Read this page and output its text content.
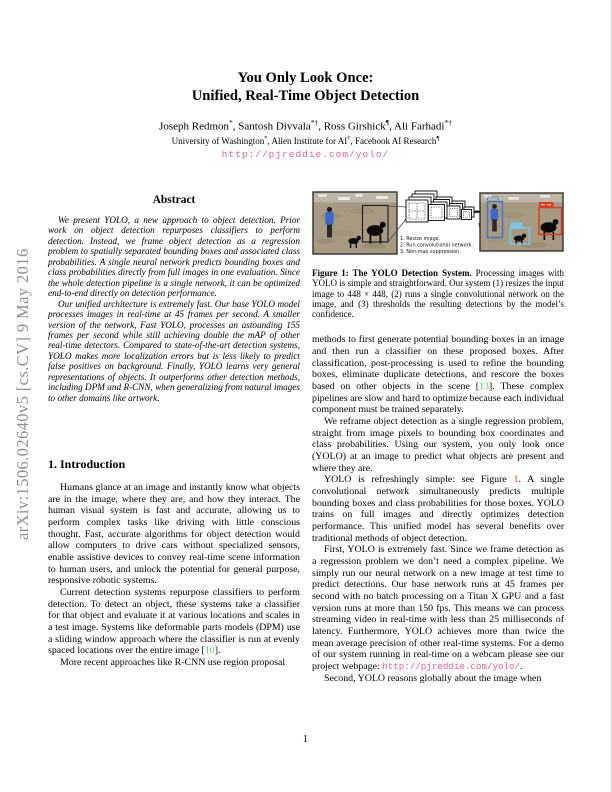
arXiv:1506.02640v5 [cs.CV] 9 May 2016
You Only Look Once:
Unified, Real-Time Object Detection
Joseph Redmon*, Santosh Divvala*†, Ross Girshick¶, Ali Farhadi*†
University of Washington*, Allen Institute for AI†, Facebook AI Research¶
http://pjreddie.com/yolo/
Abstract

We present YOLO, a new approach to object detection. Prior work on object detection repurposes classifiers to perform detection. Instead, we frame object detection as a regression problem to spatially separated bounding boxes and associated class probabilities. A single neural network predicts bounding boxes and class probabilities directly from full images in one evaluation. Since the whole detection pipeline is a single network, it can be optimized end-to-end directly on detection performance.

Our unified architecture is extremely fast. Our base YOLO model processes images in real-time at 45 frames per second. A smaller version of the network, Fast YOLO, processes an astounding 155 frames per second while still achieving double the mAP of other real-time detectors. Compared to state-of-the-art detection systems, YOLO makes more localization errors but is less likely to predict false positives on background. Finally, YOLO learns very general representations of objects. It outperforms other detection methods, including DPM and R-CNN, when generalizing from natural images to other domains like artwork.

1. Introduction

Humans glance at an image and instantly know what objects are in the image, where they are, and how they interact. The human visual system is fast and accurate, allowing us to perform complex tasks like driving with little conscious thought. Fast, accurate algorithms for object detection would allow computers to drive cars without specialized sensors, enable assistive devices to convey real-time scene information to human users, and unlock the potential for general purpose, responsive robotic systems.

Current detection systems repurpose classifiers to perform detection. To detect an object, these systems take a classifier for that object and evaluate it at various locations and scales in a test image. Systems like deformable parts models (DPM) use a sliding window approach where the classifier is run at evenly spaced locations over the entire image [10].

More recent approaches like R-CNN use region proposal

1. Resize image.
2. Run convolutional network.
3. Non-max suppression.
Figure 1: The YOLO Detection System. Processing images with YOLO is simple and straightforward. Our system (1) resizes the input image to 448 × 448, (2) runs a single convolutional network on the image, and (3) thresholds the resulting detections by the model’s confidence.

methods to first generate potential bounding boxes in an image and then run a classifier on these proposed boxes. After classification, post-processing is used to refine the bounding boxes, eliminate duplicate detections, and rescore the boxes based on other objects in the scene [13]. These complex pipelines are slow and hard to optimize because each individual component must be trained separately.

We reframe object detection as a single regression problem, straight from image pixels to bounding box coordinates and class probabilities. Using our system, you only look once (YOLO) at an image to predict what objects are present and where they are.

YOLO is refreshingly simple: see Figure 1. A single convolutional network simultaneously predicts multiple bounding boxes and class probabilities for those boxes. YOLO trains on full images and directly optimizes detection performance. This unified model has several benefits over traditional methods of object detection.

First, YOLO is extremely fast. Since we frame detection as a regression problem we don’t need a complex pipeline. We simply run our neural network on a new image at test time to predict detections. Our base network runs at 45 frames per second with no batch processing on a Titan X GPU and a fast version runs at more than 150 fps. This means we can process streaming video in real-time with less than 25 milliseconds of latency. Furthermore, YOLO achieves more than twice the mean average precision of other real-time systems. For a demo of our system running in real-time on a webcam please see our project webpage: http://pjreddie.com/yolo/.

Second, YOLO reasons globally about the image when

1
